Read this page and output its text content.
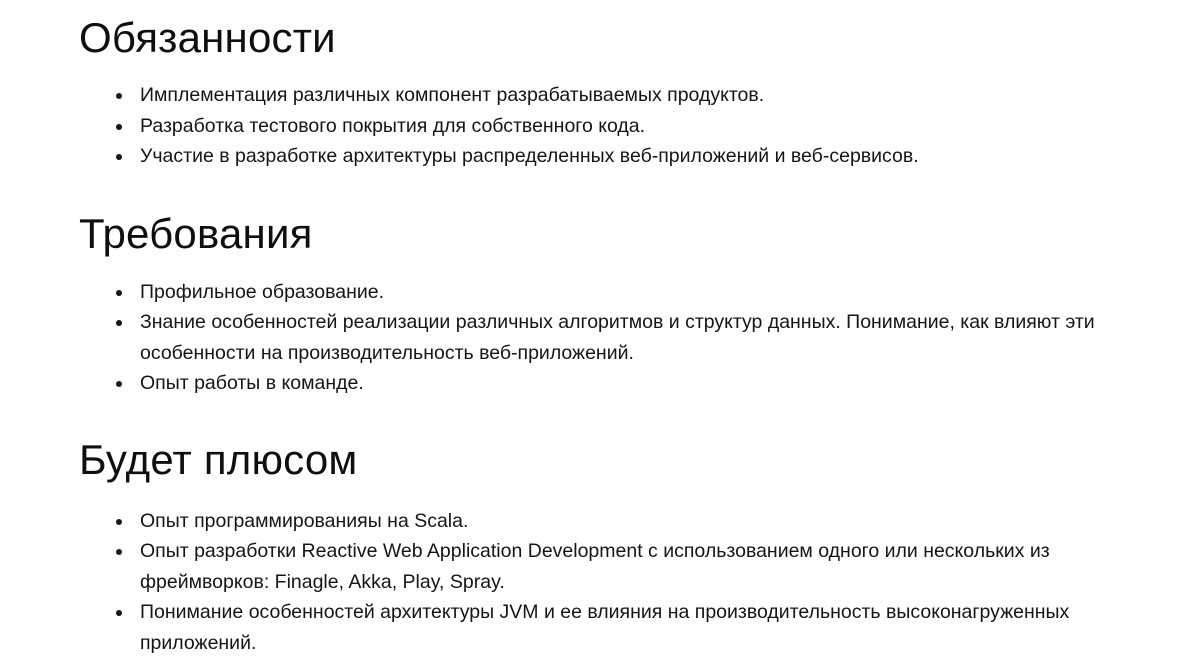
Обязанности
Имплементация различных компонент разрабатываемых продуктов.
Разработка тестового покрытия для собственного кода.
Участие в разработке архитектуры распределенных веб-приложений и веб-сервисов.
Требования
Профильное образование.
Знание особенностей реализации различных алгоритмов и структур данных. Понимание, как влияют эти особенности на производительность веб-приложений.
Опыт работы в команде.
Будет плюсом
Опыт программированияы на Scala.
Опыт разработки Reactive Web Application Development с использованием одного или нескольких из фреймворков: Finagle, Akka, Play, Spray.
Понимание особенностей архитектуры JVM и ее влияния на производительность высоконагруженных приложений.
